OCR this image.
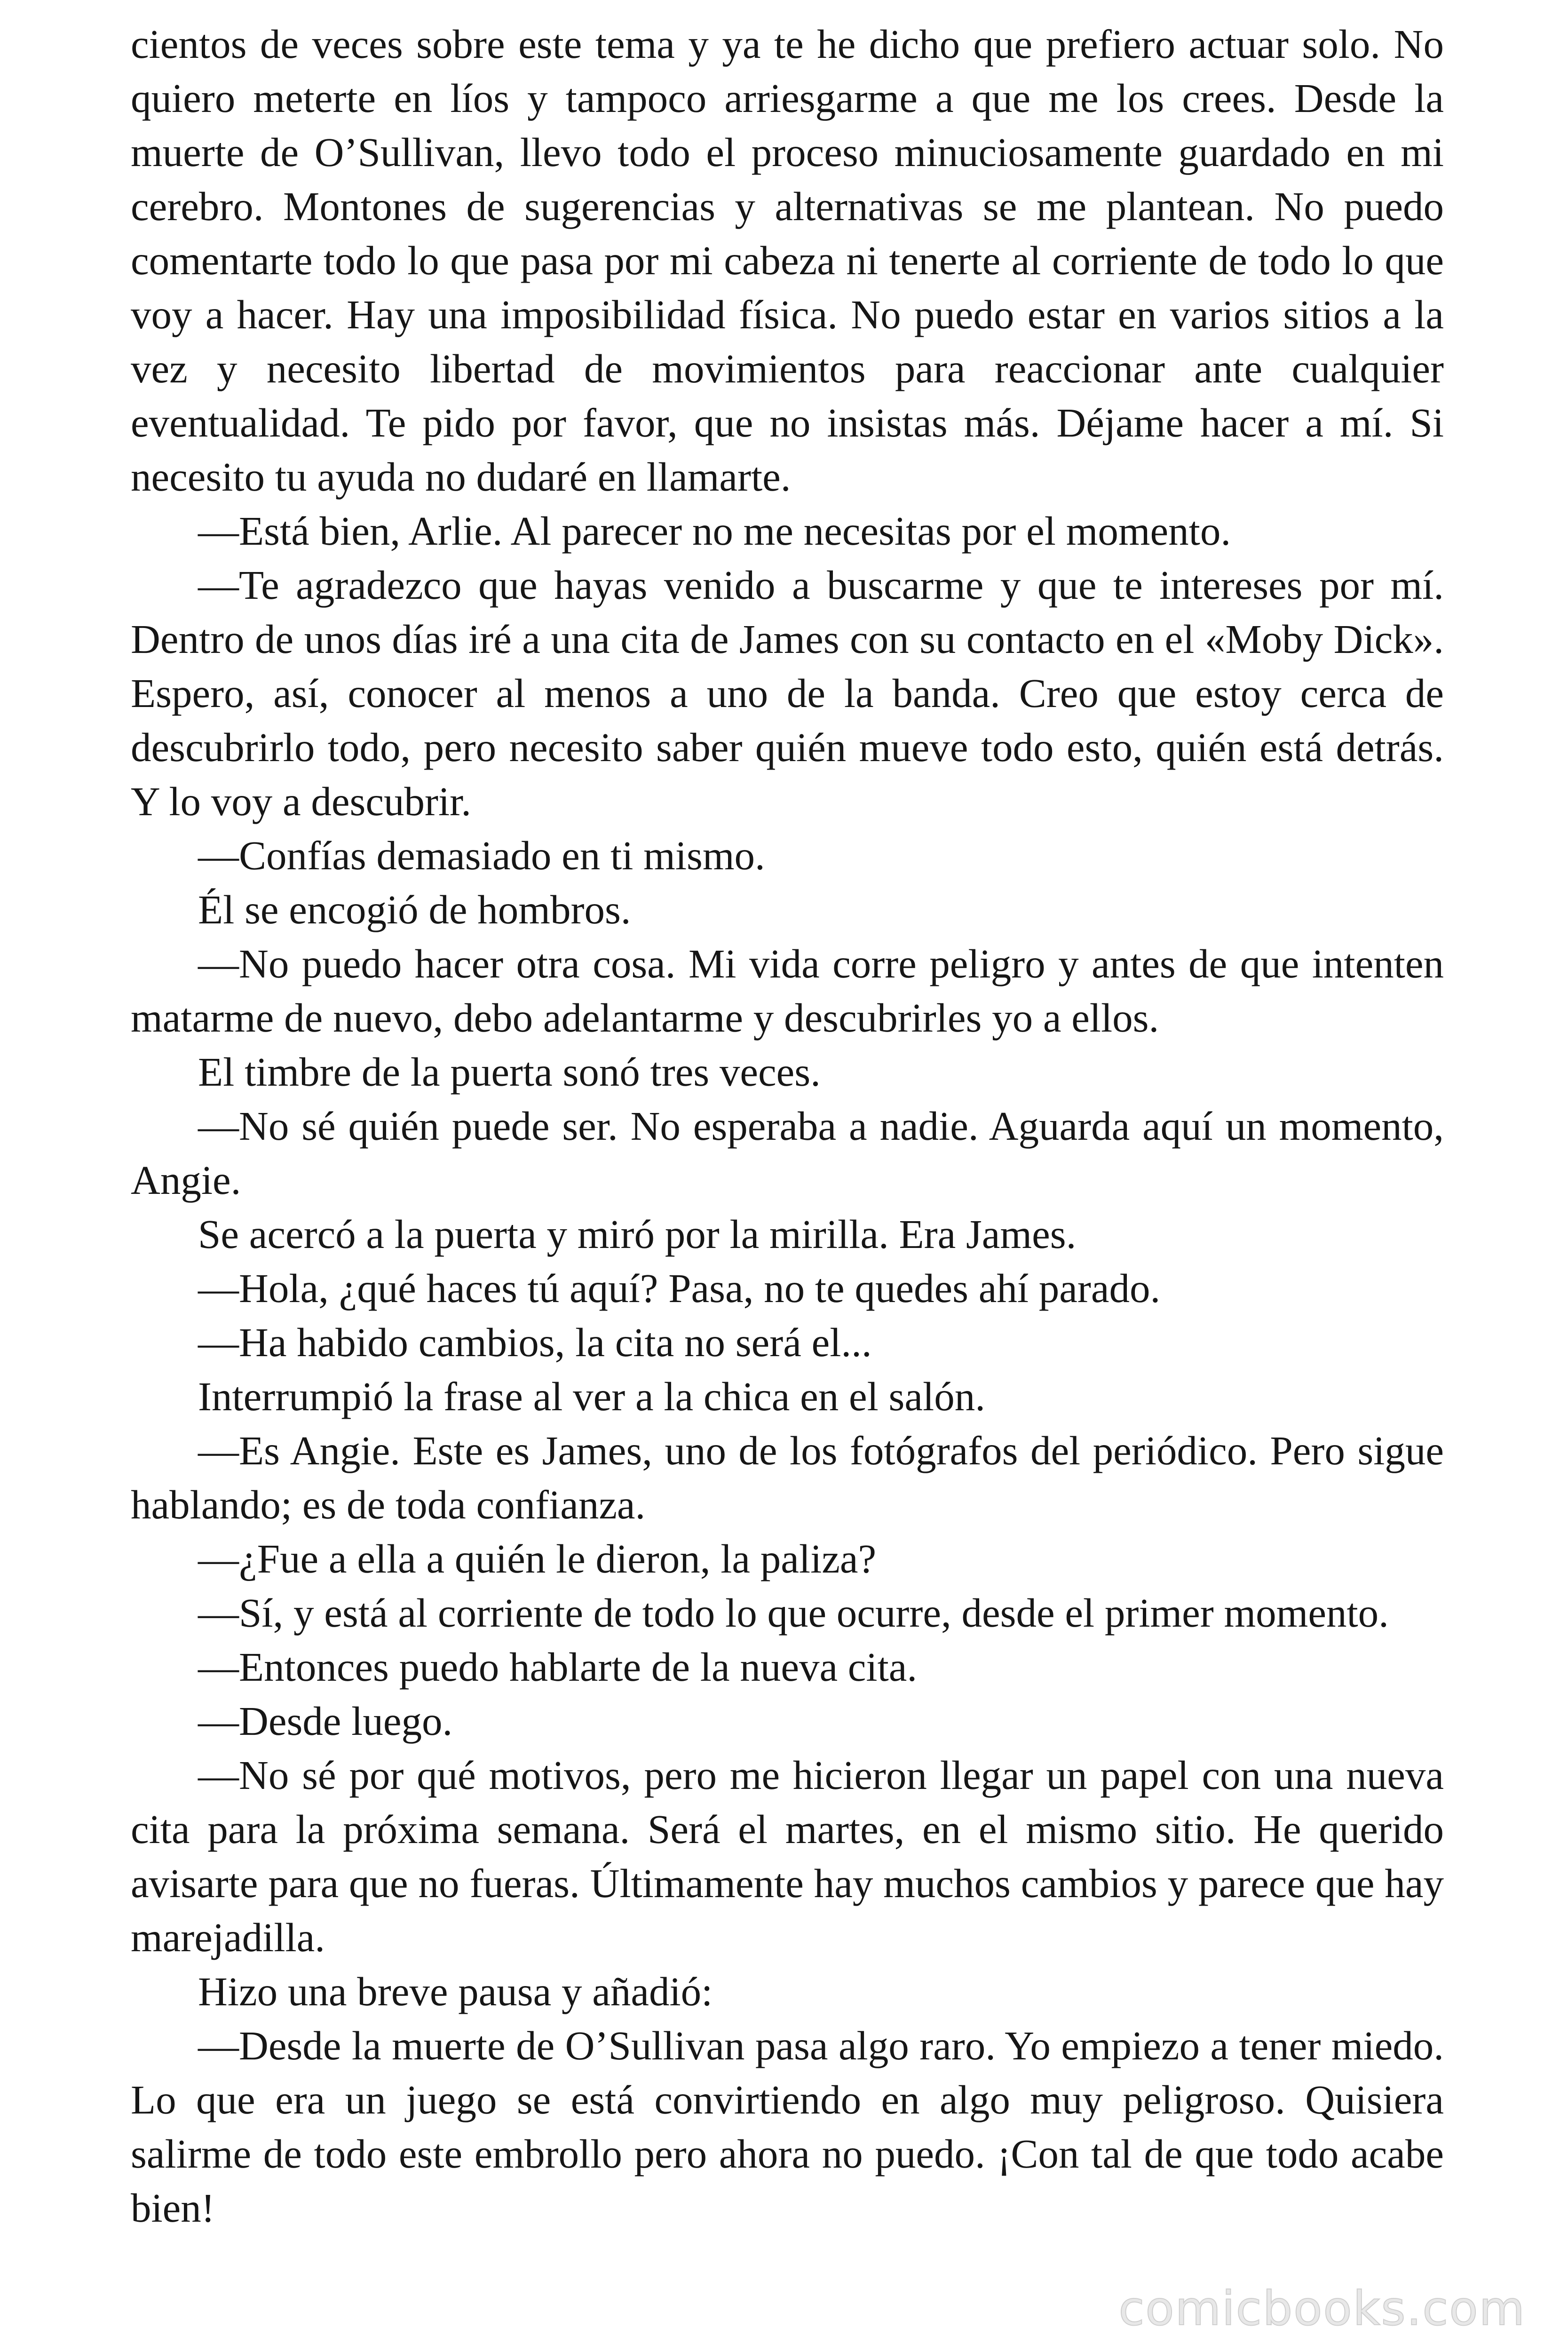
cientos de veces sobre este tema y ya te he dicho que prefiero actuar solo. No quiero meterte en líos y tampoco arriesgarme a que me los crees. Desde la muerte de O’Sullivan, llevo todo el proceso minuciosamente guardado en mi cerebro. Montones de sugerencias y alternativas se me plantean. No puedo comentarte todo lo que pasa por mi cabeza ni tenerte al corriente de todo lo que voy a hacer. Hay una imposibilidad física. No puedo estar en varios sitios a la vez y necesito libertad de movimientos para reaccionar ante cualquier eventualidad. Te pido por favor, que no insistas más. Déjame hacer a mí. Si necesito tu ayuda no dudaré en llamarte.

—Está bien, Arlie. Al parecer no me necesitas por el momento.

—Te agradezco que hayas venido a buscarme y que te intereses por mí. Dentro de unos días iré a una cita de James con su contacto en el «Moby Dick». Espero, así, conocer al menos a uno de la banda. Creo que estoy cerca de descubrirlo todo, pero necesito saber quién mueve todo esto, quién está detrás. Y lo voy a descubrir.

—Confías demasiado en ti mismo.

Él se encogió de hombros.

—No puedo hacer otra cosa. Mi vida corre peligro y antes de que intenten matarme de nuevo, debo adelantarme y descubrirles yo a ellos.

El timbre de la puerta sonó tres veces.

—No sé quién puede ser. No esperaba a nadie. Aguarda aquí un momento, Angie.

Se acercó a la puerta y miró por la mirilla. Era James.

—Hola, ¿qué haces tú aquí? Pasa, no te quedes ahí parado.

—Ha habido cambios, la cita no será el...

Interrumpió la frase al ver a la chica en el salón.

—Es Angie. Este es James, uno de los fotógrafos del periódico. Pero sigue hablando; es de toda confianza.

—¿Fue a ella a quién le dieron, la paliza?

—Sí, y está al corriente de todo lo que ocurre, desde el primer momento.

—Entonces puedo hablarte de la nueva cita.

—Desde luego.

—No sé por qué motivos, pero me hicieron llegar un papel con una nueva cita para la próxima semana. Será el martes, en el mismo sitio. He querido avisarte para que no fueras. Últimamente hay muchos cambios y parece que hay marejadilla.

Hizo una breve pausa y añadió:

—Desde la muerte de O’Sullivan pasa algo raro. Yo empiezo a tener miedo. Lo que era un juego se está convirtiendo en algo muy peligroso. Quisiera salirme de todo este embrollo pero ahora no puedo. ¡Con tal de que todo acabe bien!

comicbooks.com
